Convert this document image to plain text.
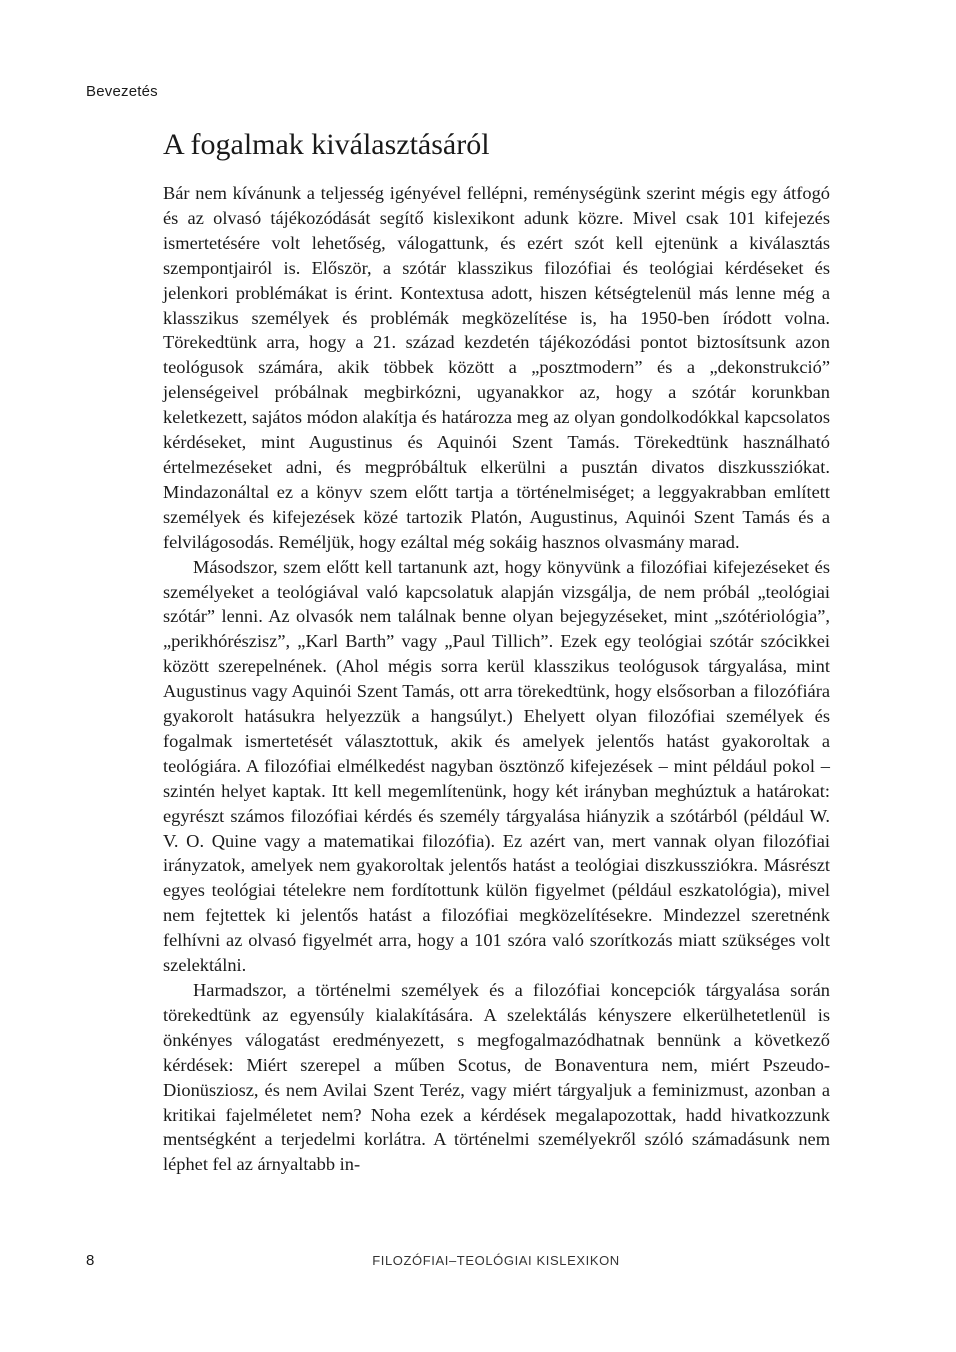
Bevezetés
A fogalmak kiválasztásáról

Bár nem kívánunk a teljesség igényével fellépni, reménységünk szerint mégis egy átfogó és az olvasó tájékozódását segítő kislexikont adunk közre. Mivel csak 101 kifejezés ismertetésére volt lehetőség, válogattunk, és ezért szót kell ejtenünk a kiválasztás szempontjairól is. Először, a szótár klasszikus filozófiai és teológiai kérdéseket és jelenkori problémákat is érint. Kontextusa adott, hiszen kétségtelenül más lenne még a klasszikus személyek és problémák megközelítése is, ha 1950-ben íródott volna. Törekedtünk arra, hogy a 21. század kezdetén tájékozódási pontot biztosítsunk azon teológusok számára, akik többek között a „posztmodern” és a „dekonstrukció” jelenségeivel próbálnak megbirkózni, ugyanakkor az, hogy a szótár korunkban keletkezett, sajátos módon alakítja és határozza meg az olyan gondolkodókkal kapcsolatos kérdéseket, mint Augustinus és Aquinói Szent Tamás. Törekedtünk használható értelmezéseket adni, és megpróbáltuk elkerülni a pusztán divatos diszkussziókat. Mindazonáltal ez a könyv szem előtt tartja a történelmiséget; a leggyakrabban említett személyek és kifejezések közé tartozik Platón, Augustinus, Aquinói Szent Tamás és a felvilágosodás. Reméljük, hogy ezáltal még sokáig hasznos olvasmány marad.

Másodszor, szem előtt kell tartanunk azt, hogy könyvünk a filozófiai kifejezéseket és személyeket a teológiával való kapcsolatuk alapján vizsgálja, de nem próbál „teológiai szótár” lenni. Az olvasók nem találnak benne olyan bejegyzéseket, mint „szótériológia”, „perikhórészisz”, „Karl Barth” vagy „Paul Tillich”. Ezek egy teológiai szótár szócikkei között szerepelnének. (Ahol mégis sorra kerül klasszikus teológusok tárgyalása, mint Augustinus vagy Aquinói Szent Tamás, ott arra törekedtünk, hogy elsősorban a filozófiára gyakorolt hatásukra helyezzük a hangsúlyt.) Ehelyett olyan filozófiai személyek és fogalmak ismertetését választottuk, akik és amelyek jelentős hatást gyakoroltak a teológiára. A filozófiai elmélkedést nagyban ösztönző kifejezések – mint például pokol – szintén helyet kaptak. Itt kell megemlítenünk, hogy két irányban meghúztuk a határokat: egyrészt számos filozófiai kérdés és személy tárgyalása hiányzik a szótárból (például W. V. O. Quine vagy a matematikai filozófia). Ez azért van, mert vannak olyan filozófiai irányzatok, amelyek nem gyakoroltak jelentős hatást a teológiai diszkussziókra. Másrészt egyes teológiai tételekre nem fordítottunk külön figyelmet (például eszkatológia), mivel nem fejtettek ki jelentős hatást a filozófiai megközelítésekre. Mindezzel szeretnénk felhívni az olvasó figyelmét arra, hogy a 101 szóra való szorítkozás miatt szükséges volt szelektálni.

Harmadszor, a történelmi személyek és a filozófiai koncepciók tárgyalása során törekedtünk az egyensúly kialakítására. A szelektálás kényszere elkerülhetetlenül is önkényes válogatást eredményezett, s megfogalmazódhatnak bennünk a következő kérdések: Miért szerepel a műben Scotus, de Bonaventura nem, miért Pszeudo-Dionüsziosz, és nem Avilai Szent Teréz, vagy miért tárgyaljuk a feminizmust, azonban a kritikai fajelméletet nem? Noha ezek a kérdések megalapozottak, hadd hivatkozzunk mentségként a terjedelmi korlátra. A történelmi személyekről szóló számadásunk nem léphet fel az árnyaltabb in-

8	FILOZÓFIAI–TEOLÓGIAI KISLEXIKON
